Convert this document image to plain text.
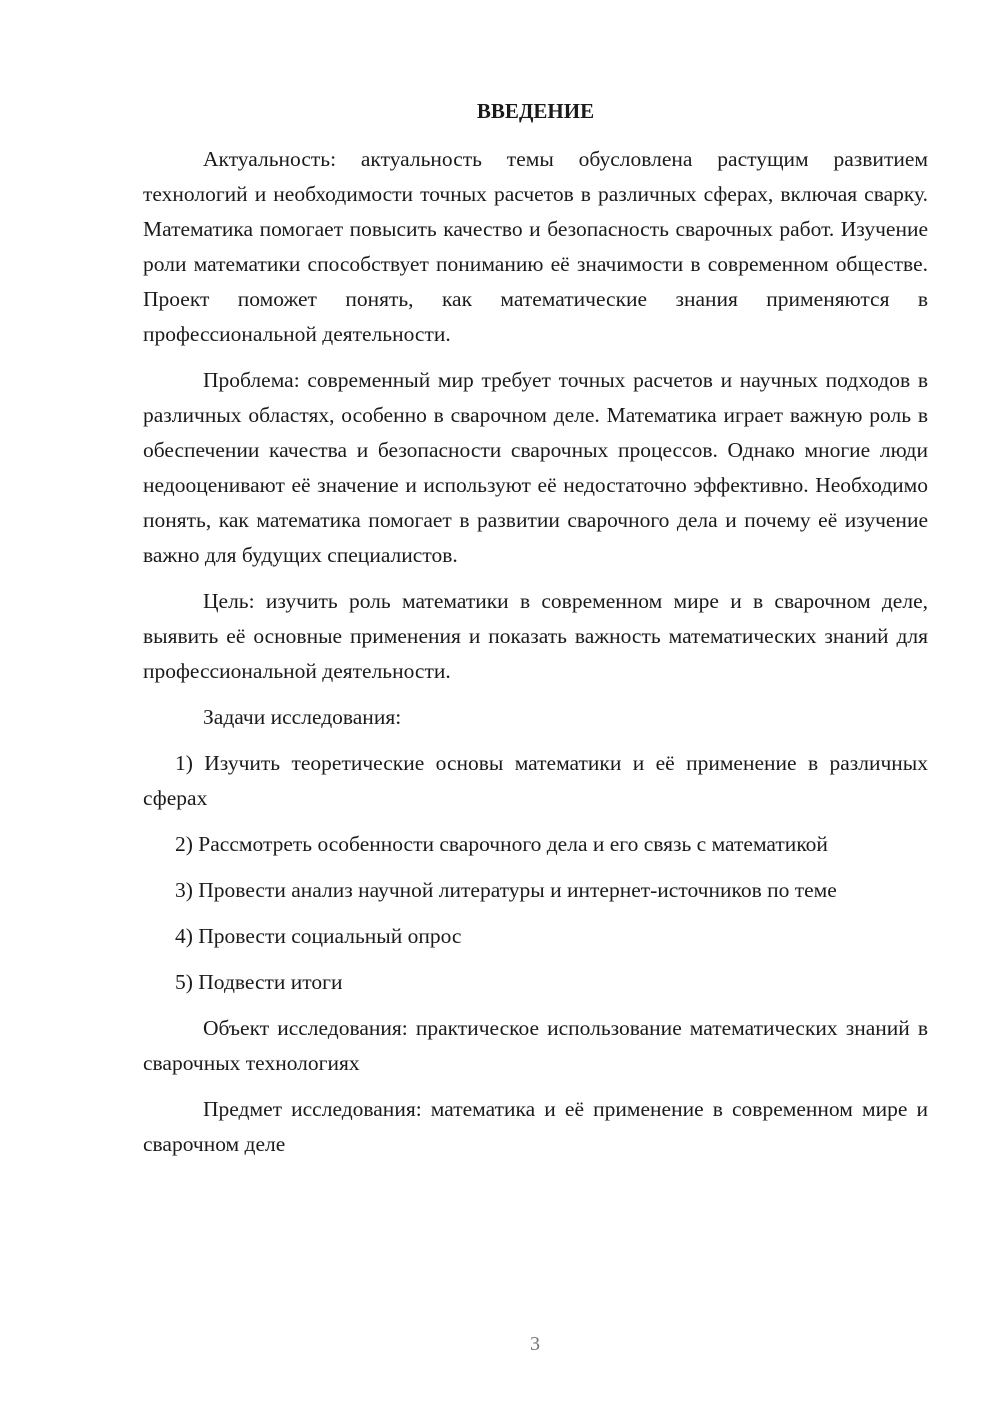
ВВЕДЕНИЕ

Актуальность: актуальность темы обусловлена растущим развитием технологий и необходимости точных расчетов в различных сферах, включая сварку. Математика помогает повысить качество и безопасность сварочных работ. Изучение роли математики способствует пониманию её значимости в современном обществе. Проект поможет понять, как математические знания применяются в профессиональной деятельности.

Проблема: современный мир требует точных расчетов и научных подходов в различных областях, особенно в сварочном деле. Математика играет важную роль в обеспечении качества и безопасности сварочных процессов. Однако многие люди недооценивают её значение и используют её недостаточно эффективно. Необходимо понять, как математика помогает в развитии сварочного дела и почему её изучение важно для будущих специалистов.

Цель: изучить роль математики в современном мире и в сварочном деле, выявить её основные применения и показать важность математических знаний для профессиональной деятельности.

Задачи исследования:

1) Изучить теоретические основы математики и её применение в различных сферах

2) Рассмотреть особенности сварочного дела и его связь с математикой

3) Провести анализ научной литературы и интернет-источников по теме

4) Провести социальный опрос

5) Подвести итоги

Объект исследования: практическое использование математических знаний в сварочных технологиях

Предмет исследования: математика и её применение в современном мире и сварочном деле

3
